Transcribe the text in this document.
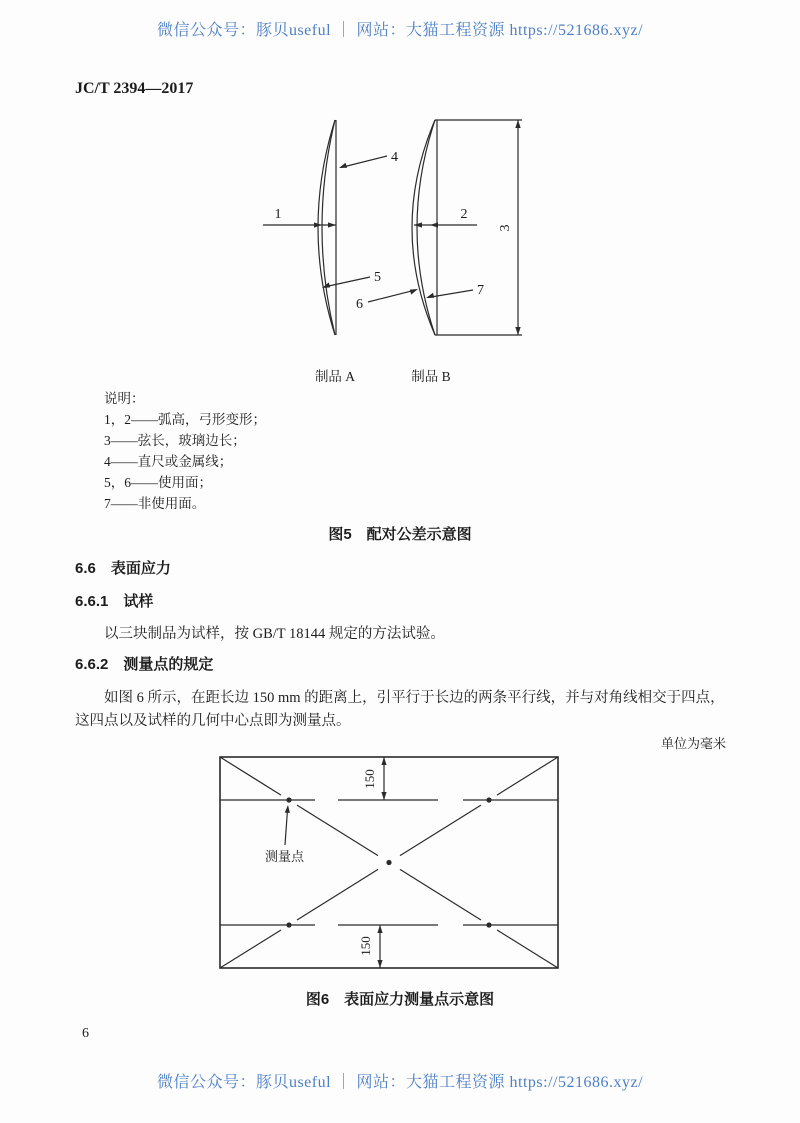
微信公众号：豚贝useful ｜ 网站：大猫工程资源 https://521686.xyz/
JC/T 2394—2017
3
1	2
4
5
6
7
制品 A	制品 B
说明：
1，2——弧高，弓形变形；
3——弦长，玻璃边长；
4——直尺或金属线；
5，6——使用面；
7——非使用面。
图5　配对公差示意图
6.6　表面应力
6.6.1　试样
以三块制品为试样，按 GB/T 18144 规定的方法试验。
6.6.2　测量点的规定
如图 6 所示，在距长边 150 mm 的距离上，引平行于长边的两条平行线，并与对角线相交于四点，
这四点以及试样的几何中心点即为测量点。
单位为毫米
150
150
测量点
图6　表面应力测量点示意图
6
微信公众号：豚贝useful ｜ 网站：大猫工程资源 https://521686.xyz/
